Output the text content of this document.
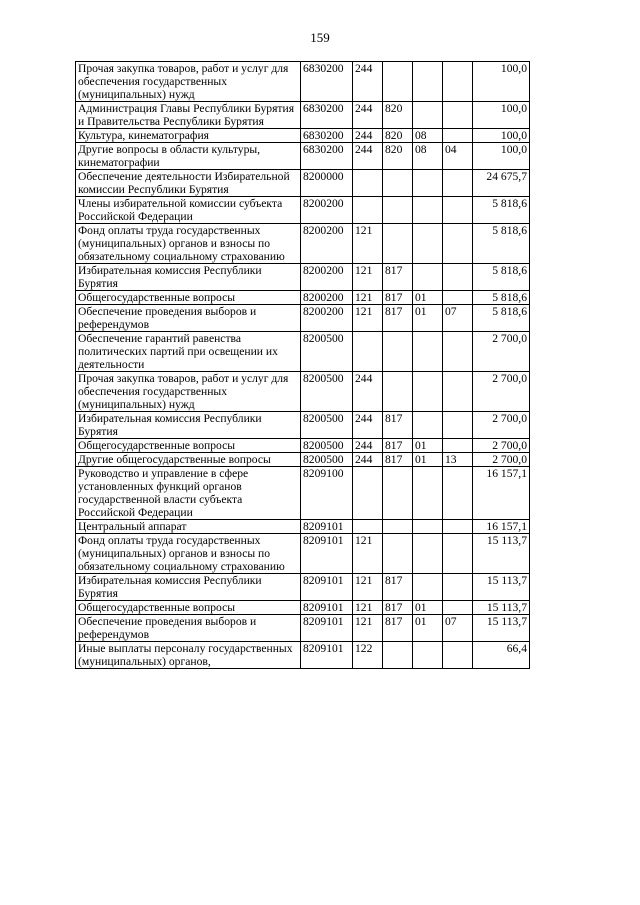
159
Прочая закупка товаров, работ и услуг для обеспечения государственных (муниципальных) нужд	6830200	244				100,0
Администрация Главы Республики Бурятия и Правительства Республики Бурятия	6830200	244	820			100,0
Культура, кинематография	6830200	244	820	08		100,0
Другие вопросы в области культуры, кинематографии	6830200	244	820	08	04	100,0
Обеспечение деятельности Избирательной комиссии Республики Бурятия	8200000					24 675,7
Члены избирательной комиссии субъекта Российской Федерации	8200200					5 818,6
Фонд оплаты труда государственных (муниципальных) органов и взносы по обязательному социальному страхованию	8200200	121				5 818,6
Избирательная комиссия Республики Бурятия	8200200	121	817			5 818,6
Общегосударственные вопросы	8200200	121	817	01		5 818,6
Обеспечение проведения выборов и референдумов	8200200	121	817	01	07	5 818,6
Обеспечение гарантий равенства политических партий при освещении их деятельности	8200500					2 700,0
Прочая закупка товаров, работ и услуг для обеспечения государственных (муниципальных) нужд	8200500	244				2 700,0
Избирательная комиссия Республики Бурятия	8200500	244	817			2 700,0
Общегосударственные вопросы	8200500	244	817	01		2 700,0
Другие общегосударственные вопросы	8200500	244	817	01	13	2 700,0
Руководство и управление в сфере установленных функций органов государственной власти субъекта Российской Федерации	8209100					16 157,1
Центральный аппарат	8209101					16 157,1
Фонд оплаты труда государственных (муниципальных) органов и взносы по обязательному социальному страхованию	8209101	121				15 113,7
Избирательная комиссия Республики Бурятия	8209101	121	817			15 113,7
Общегосударственные вопросы	8209101	121	817	01		15 113,7
Обеспечение проведения выборов и референдумов	8209101	121	817	01	07	15 113,7
Иные выплаты персоналу государственных (муниципальных) органов,	8209101	122				66,4
